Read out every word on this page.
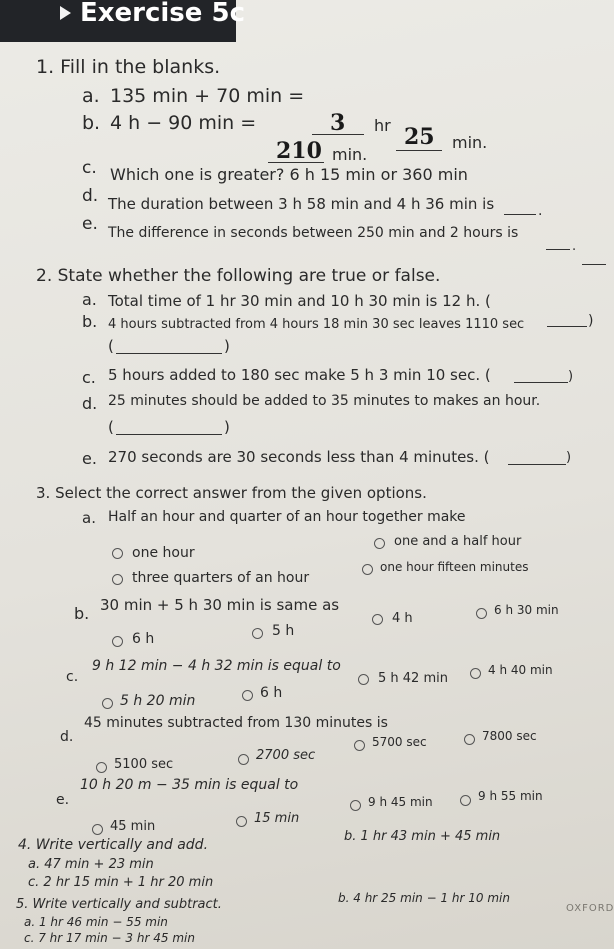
Exercise 5c
1. Fill in the blanks.
a. 135 min + 70 min =
3 hr 25 min.
b. 4 h − 90 min =
210 min.
c. Which one is greater? 6 h 15 min or 360 min
.
d. The duration between 3 h 58 min and 4 h 36 min is
.
e. The difference in seconds between 250 min and 2 hours is
2. State whether the following are true or false.
a. Total time of 1 hr 30 min and 10 h 30 min is 12 h. (
)
b. 4 hours subtracted from 4 hours 18 min 30 sec leaves 1110 sec
(	)
c. 5 hours added to 180 sec make 5 h 3 min 10 sec. (	)
d. 25 minutes should be added to 35 minutes to makes an hour.
(	)
e. 270 seconds are 30 seconds less than 4 minutes. (	)
3. Select the correct answer from the given options.
a. Half an hour and quarter of an hour together make
one hour
one and a half hour
three quarters of an hour
one hour fifteen minutes
b. 30 min + 5 h 30 min is same as
4 h
6 h 30 min
6 h	5 h
c.
9 h 12 min − 4 h 32 min is equal to
5 h 42 min
4 h 40 min
5 h 20 min	6 h
d.
45 minutes subtracted from 130 minutes is
5700 sec	7800 sec
5100 sec
2700 sec
e.
10 h 20 m − 35 min is equal to
9 h 45 min	9 h 55 min
45 min
15 min
4. Write vertically and add.
b. 1 hr 43 min + 45 min
a. 47 min + 23 min
c. 2 hr 15 min + 1 hr 20 min
5. Write vertically and subtract.	b. 4 hr 25 min − 1 hr 10 min
a. 1 hr 46 min − 55 min
c. 7 hr 17 min − 3 hr 45 min
OXFORD
